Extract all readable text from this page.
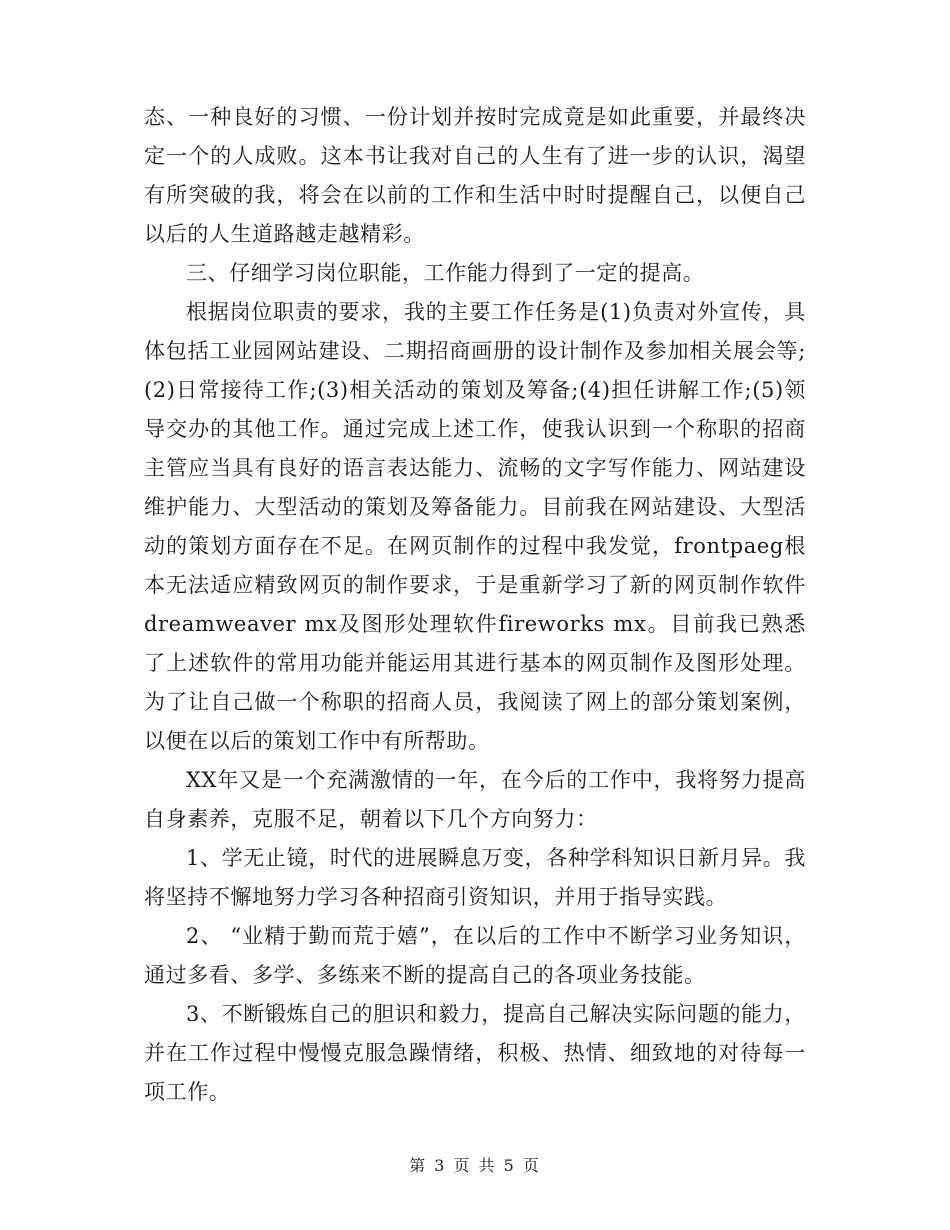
态、一种良好的习惯、一份计划并按时完成竟是如此重要，并最终决定一个的人成败。这本书让我对自己的人生有了进一步的认识，渴望有所突破的我，将会在以前的工作和生活中时时提醒自己，以便自己以后的人生道路越走越精彩。

三、仔细学习岗位职能，工作能力得到了一定的提高。

根据岗位职责的要求，我的主要工作任务是(1)负责对外宣传，具体包括工业园网站建设、二期招商画册的设计制作及参加相关展会等;(2)日常接待工作;(3)相关活动的策划及筹备;(4)担任讲解工作;(5)领导交办的其他工作。通过完成上述工作，使我认识到一个称职的招商主管应当具有良好的语言表达能力、流畅的文字写作能力、网站建设维护能力、大型活动的策划及筹备能力。目前我在网站建设、大型活动的策划方面存在不足。在网页制作的过程中我发觉，frontpaeg根本无法适应精致网页的制作要求，于是重新学习了新的网页制作软件dreamweaver mx及图形处理软件fireworks mx。目前我已熟悉了上述软件的常用功能并能运用其进行基本的网页制作及图形处理。为了让自己做一个称职的招商人员，我阅读了网上的部分策划案例，以便在以后的策划工作中有所帮助。

XX年又是一个充满激情的一年，在今后的工作中，我将努力提高自身素养，克服不足，朝着以下几个方向努力：

1、学无止镜，时代的进展瞬息万变，各种学科知识日新月异。我将坚持不懈地努力学习各种招商引资知识，并用于指导实践。

2、 “业精于勤而荒于嬉”，在以后的工作中不断学习业务知识，通过多看、多学、多练来不断的提高自己的各项业务技能。

3、不断锻炼自己的胆识和毅力，提高自己解决实际问题的能力，并在工作过程中慢慢克服急躁情绪，积极、热情、细致地的对待每一项工作。

第 3 页 共 5 页
